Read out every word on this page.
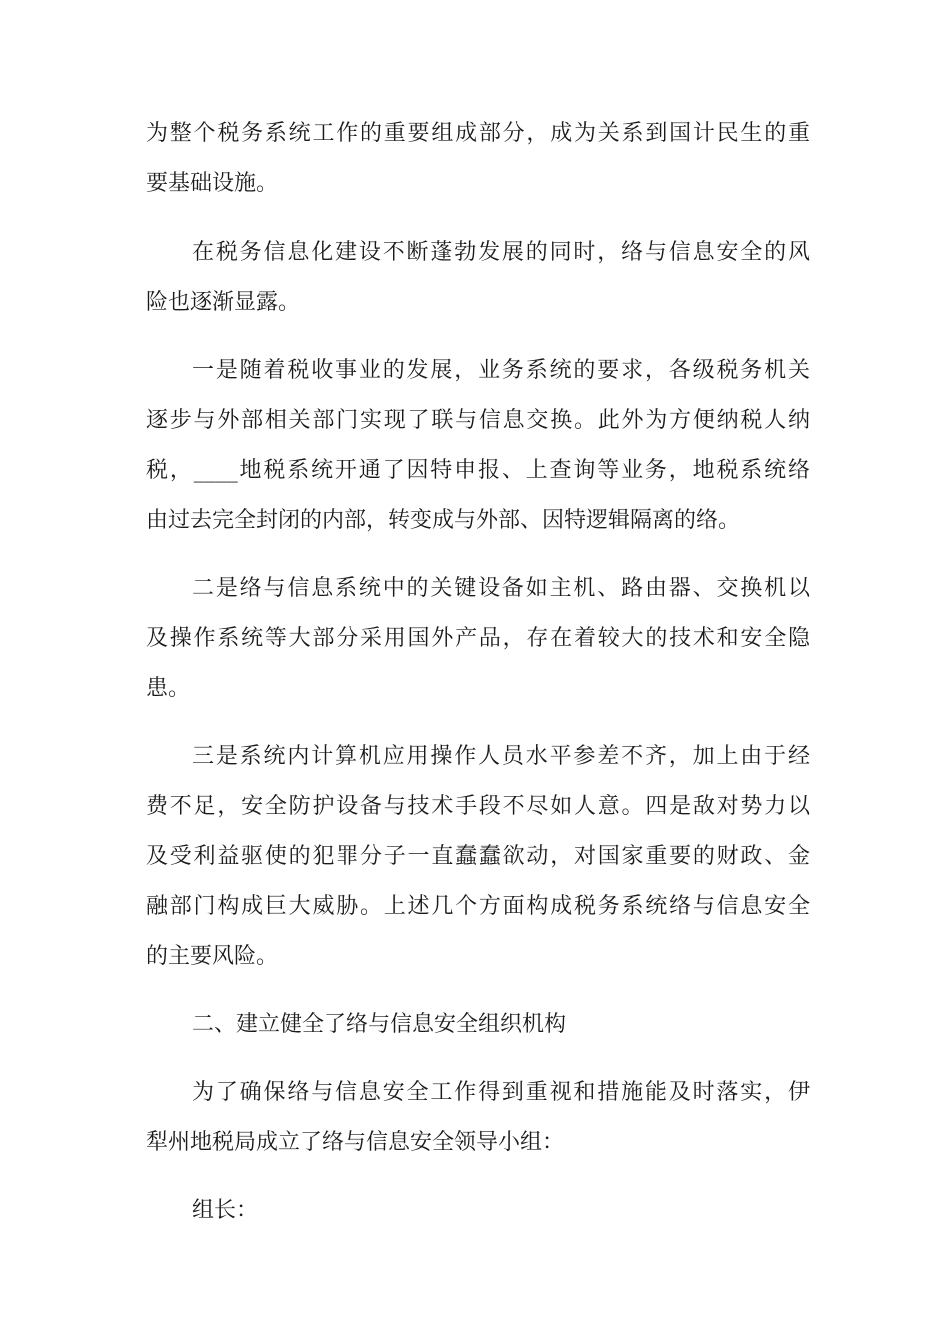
为整个税务系统工作的重要组成部分，成为关系到国计民生的重
要基础设施。
在税务信息化建设不断蓬勃发展的同时，络与信息安全的风
险也逐渐显露。
一是随着税收事业的发展，业务系统的要求，各级税务机关
逐步与外部相关部门实现了联与信息交换。此外为方便纳税人纳
税，____地税系统开通了因特申报、上查询等业务，地税系统络
由过去完全封闭的内部，转变成与外部、因特逻辑隔离的络。
二是络与信息系统中的关键设备如主机、路由器、交换机以
及操作系统等大部分采用国外产品，存在着较大的技术和安全隐
患。
三是系统内计算机应用操作人员水平参差不齐，加上由于经
费不足，安全防护设备与技术手段不尽如人意。四是敌对势力以
及受利益驱使的犯罪分子一直蠢蠢欲动，对国家重要的财政、金
融部门构成巨大威胁。上述几个方面构成税务系统络与信息安全
的主要风险。
二、建立健全了络与信息安全组织机构
为了确保络与信息安全工作得到重视和措施能及时落实，伊
犁州地税局成立了络与信息安全领导小组：
组长：
